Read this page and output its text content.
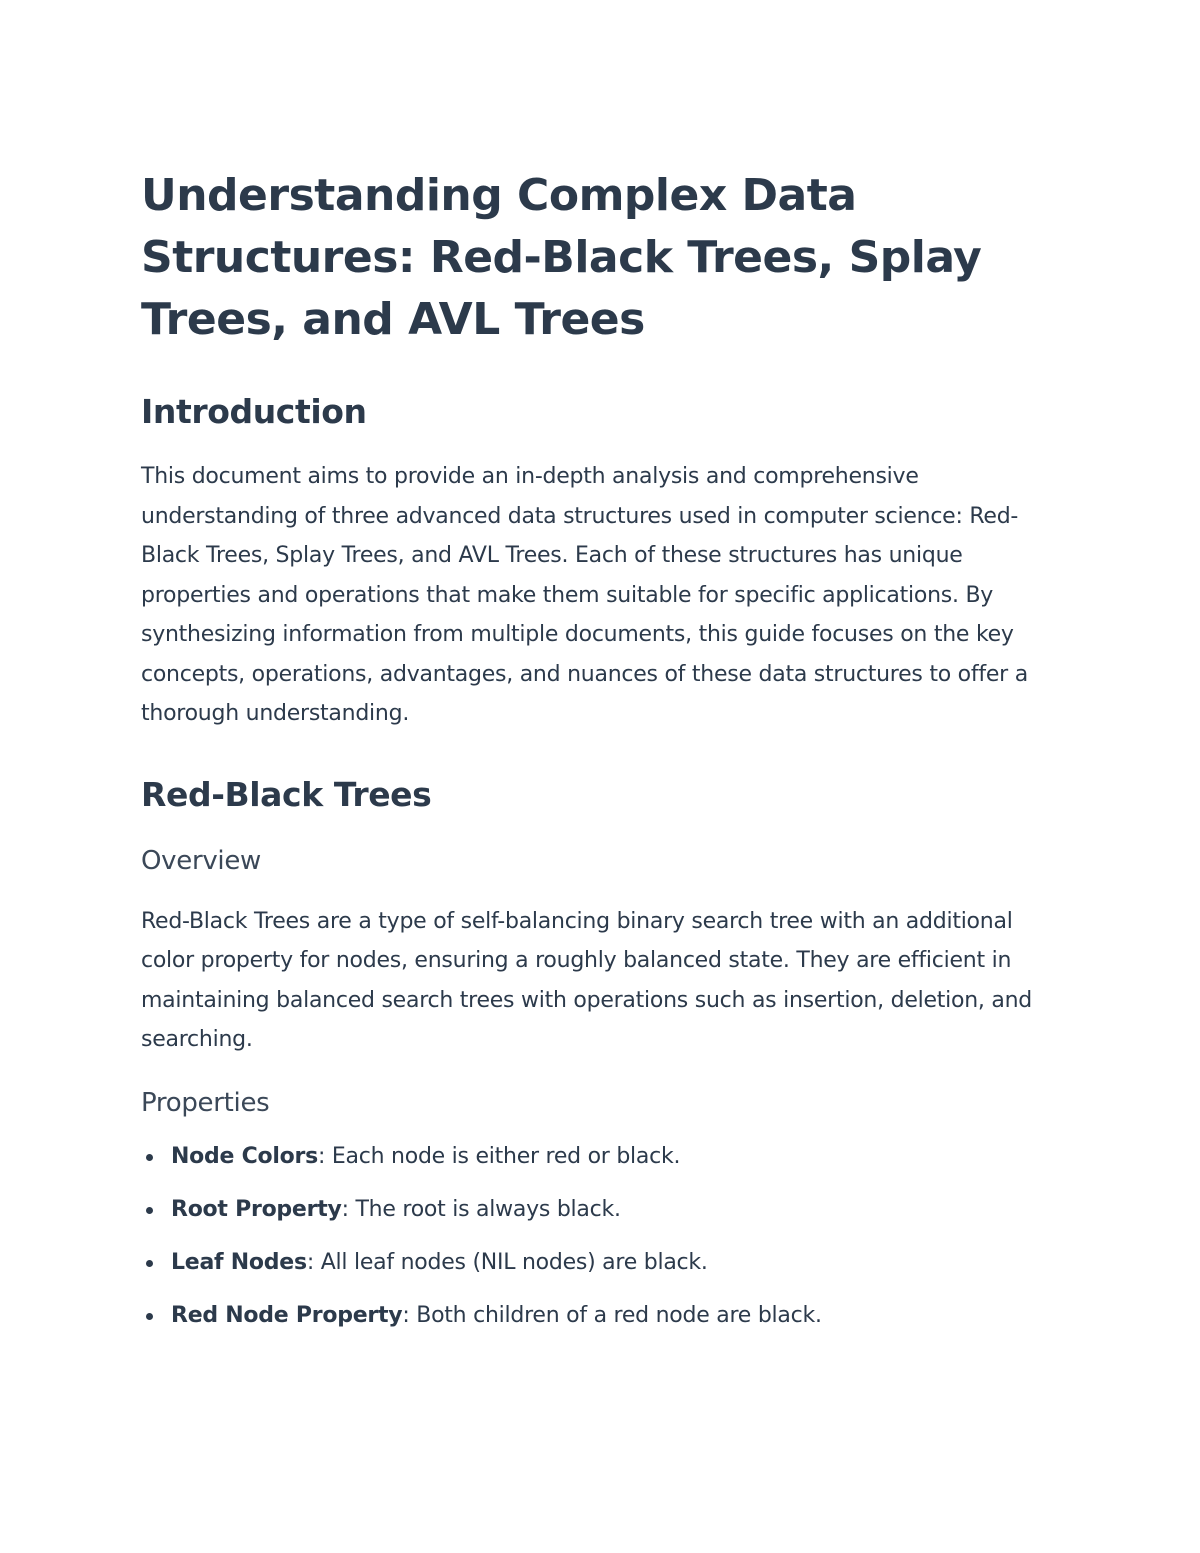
Understanding Complex Data Structures: Red-Black Trees, Splay Trees, and AVL Trees
Introduction

This document aims to provide an in-depth analysis and comprehensive understanding of three advanced data structures used in computer science: Red-Black Trees, Splay Trees, and AVL Trees. Each of these structures has unique properties and operations that make them suitable for specific applications. By synthesizing information from multiple documents, this guide focuses on the key concepts, operations, advantages, and nuances of these data structures to offer a thorough understanding.

Red-Black Trees
Overview

Red-Black Trees are a type of self-balancing binary search tree with an additional color property for nodes, ensuring a roughly balanced state. They are efficient in maintaining balanced search trees with operations such as insertion, deletion, and searching.

Properties
Node Colors: Each node is either red or black.
Root Property: The root is always black.
Leaf Nodes: All leaf nodes (NIL nodes) are black.
Red Node Property: Both children of a red node are black.
